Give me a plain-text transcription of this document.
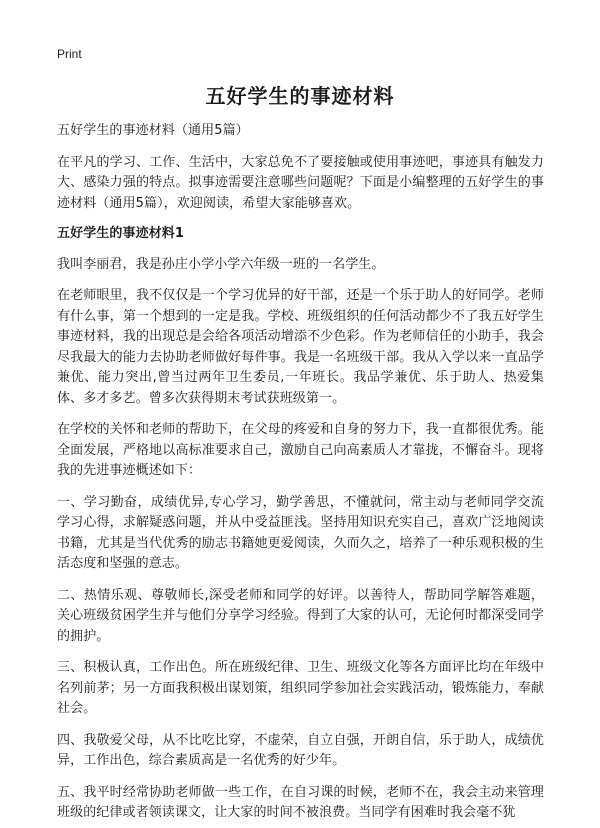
Print
五好学生的事迹材料

五好学生的事迹材料（通用5篇）

在平凡的学习、工作、生活中，大家总免不了要接触或使用事迹吧，事迹具有触发力大、感染力强的特点。拟事迹需要注意哪些问题呢？下面是小编整理的五好学生的事迹材料（通用5篇），欢迎阅读，希望大家能够喜欢。

五好学生的事迹材料1

我叫李丽君，我是孙庄小学小学六年级一班的一名学生。

在老师眼里，我不仅仅是一个学习优异的好干部，还是一个乐于助人的好同学。老师有什么事，第一个想到的一定是我。学校、班级组织的任何活动都少不了我五好学生事迹材料，我的出现总是会给各项活动增添不少色彩。作为老师信任的小助手，我会尽我最大的能力去协助老师做好每件事。我是一名班级干部。我从入学以来一直品学兼优、能力突出,曾当过两年卫生委员,一年班长。我品学兼优、乐于助人、热爱集体、多才多艺。曾多次获得期末考试获班级第一。

在学校的关怀和老师的帮助下，在父母的疼爱和自身的努力下，我一直都很优秀。能全面发展，严格地以高标准要求自己，激励自己向高素质人才靠拢，不懈奋斗。现将我的先进事迹概述如下：

一、学习勤奋，成绩优异,专心学习，勤学善思，不懂就问，常主动与老师同学交流学习心得，求解疑惑问题，并从中受益匪浅。坚持用知识充实自己，喜欢广泛地阅读书籍，尤其是当代优秀的励志书籍她更爱阅读，久而久之，培养了一种乐观积极的生活态度和坚强的意志。

二、热情乐观、尊敬师长,深受老师和同学的好评。以善待人，帮助同学解答难题，关心班级贫困学生并与他们分享学习经验。得到了大家的认可，无论何时都深受同学的拥护。

三、积极认真，工作出色。所在班级纪律、卫生、班级文化等各方面评比均在年级中名列前茅；另一方面我积极出谋划策，组织同学参加社会实践活动，锻炼能力，奉献社会。

四、我敬爱父母，从不比吃比穿，不虚荣，自立自强，开朗自信，乐于助人，成绩优异，工作出色，综合素质高是一名优秀的好少年。

五、我平时经常协助老师做一些工作，在自习课的时候，老师不在，我会主动来管理班级的纪律或者领读课文，让大家的时间不被浪费。当同学有困难时我会毫不犹
